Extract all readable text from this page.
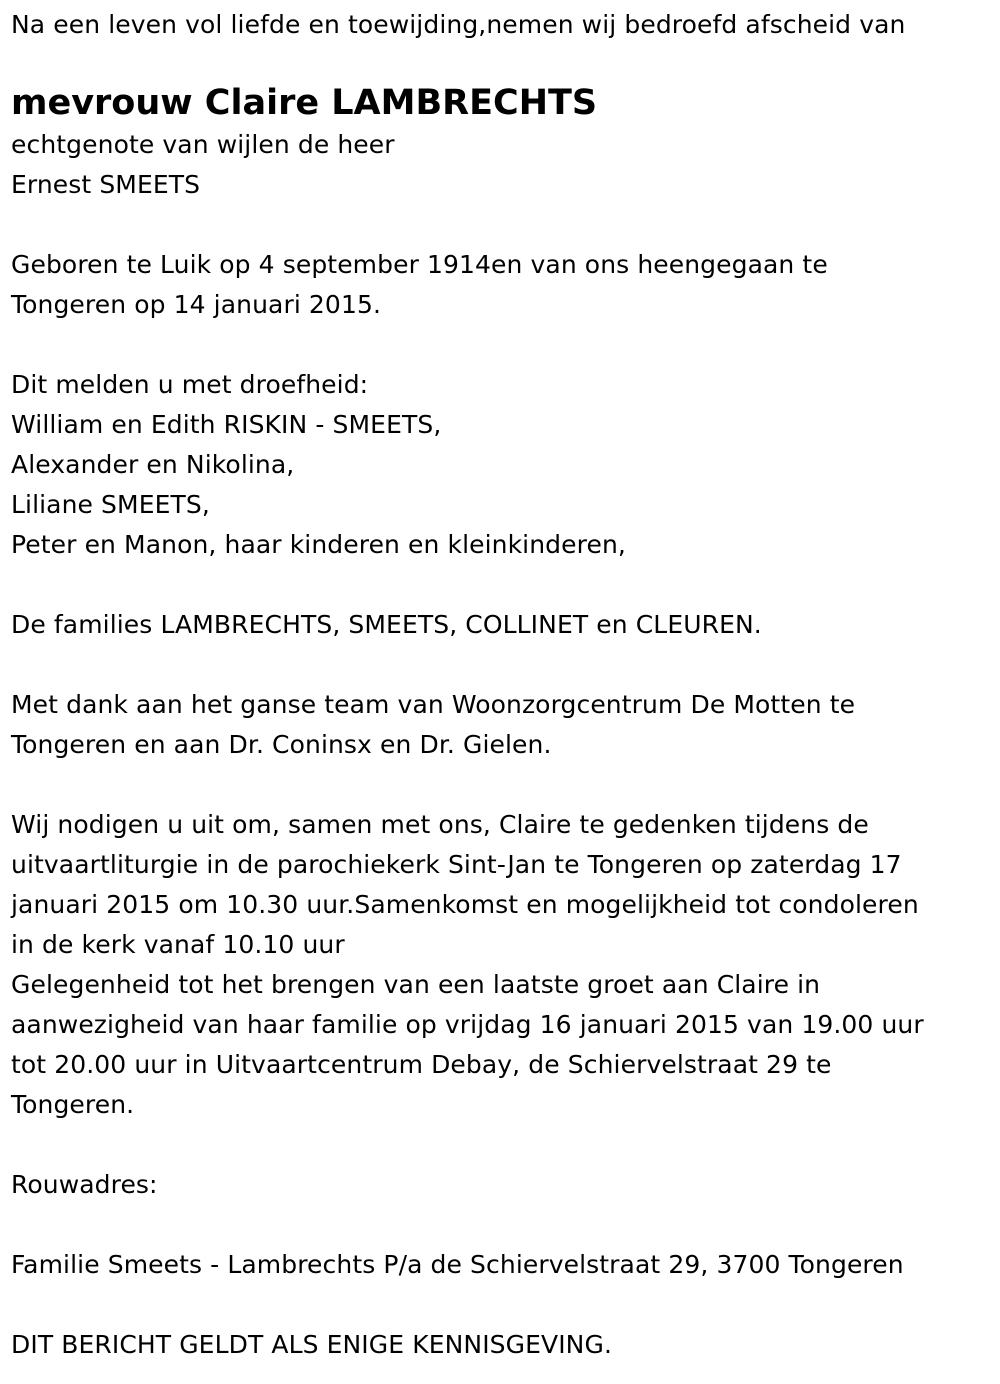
Na een leven vol liefde en toewijding,nemen wij bedroefd afscheid van
mevrouw Claire LAMBRECHTS
echtgenote van wijlen de heer
Ernest SMEETS
Geboren te Luik op 4 september 1914en van ons heengegaan te
Tongeren op 14 januari 2015.
Dit melden u met droefheid:
William en Edith RISKIN - SMEETS,
Alexander en Nikolina,
Liliane SMEETS,
Peter en Manon, haar kinderen en kleinkinderen,
De families LAMBRECHTS, SMEETS, COLLINET en CLEUREN.
Met dank aan het ganse team van Woonzorgcentrum De Motten te
Tongeren en aan Dr. Coninsx en Dr. Gielen.
Wij nodigen u uit om, samen met ons, Claire te gedenken tijdens de
uitvaartliturgie in de parochiekerk Sint-Jan te Tongeren op zaterdag 17
januari 2015 om 10.30 uur.Samenkomst en mogelijkheid tot condoleren
in de kerk vanaf 10.10 uur
Gelegenheid tot het brengen van een laatste groet aan Claire in
aanwezigheid van haar familie op vrijdag 16 januari 2015 van 19.00 uur
tot 20.00 uur in Uitvaartcentrum Debay, de Schiervelstraat 29 te
Tongeren.
Rouwadres:
Familie Smeets - Lambrechts P/a de Schiervelstraat 29, 3700 Tongeren
DIT BERICHT GELDT ALS ENIGE KENNISGEVING.
